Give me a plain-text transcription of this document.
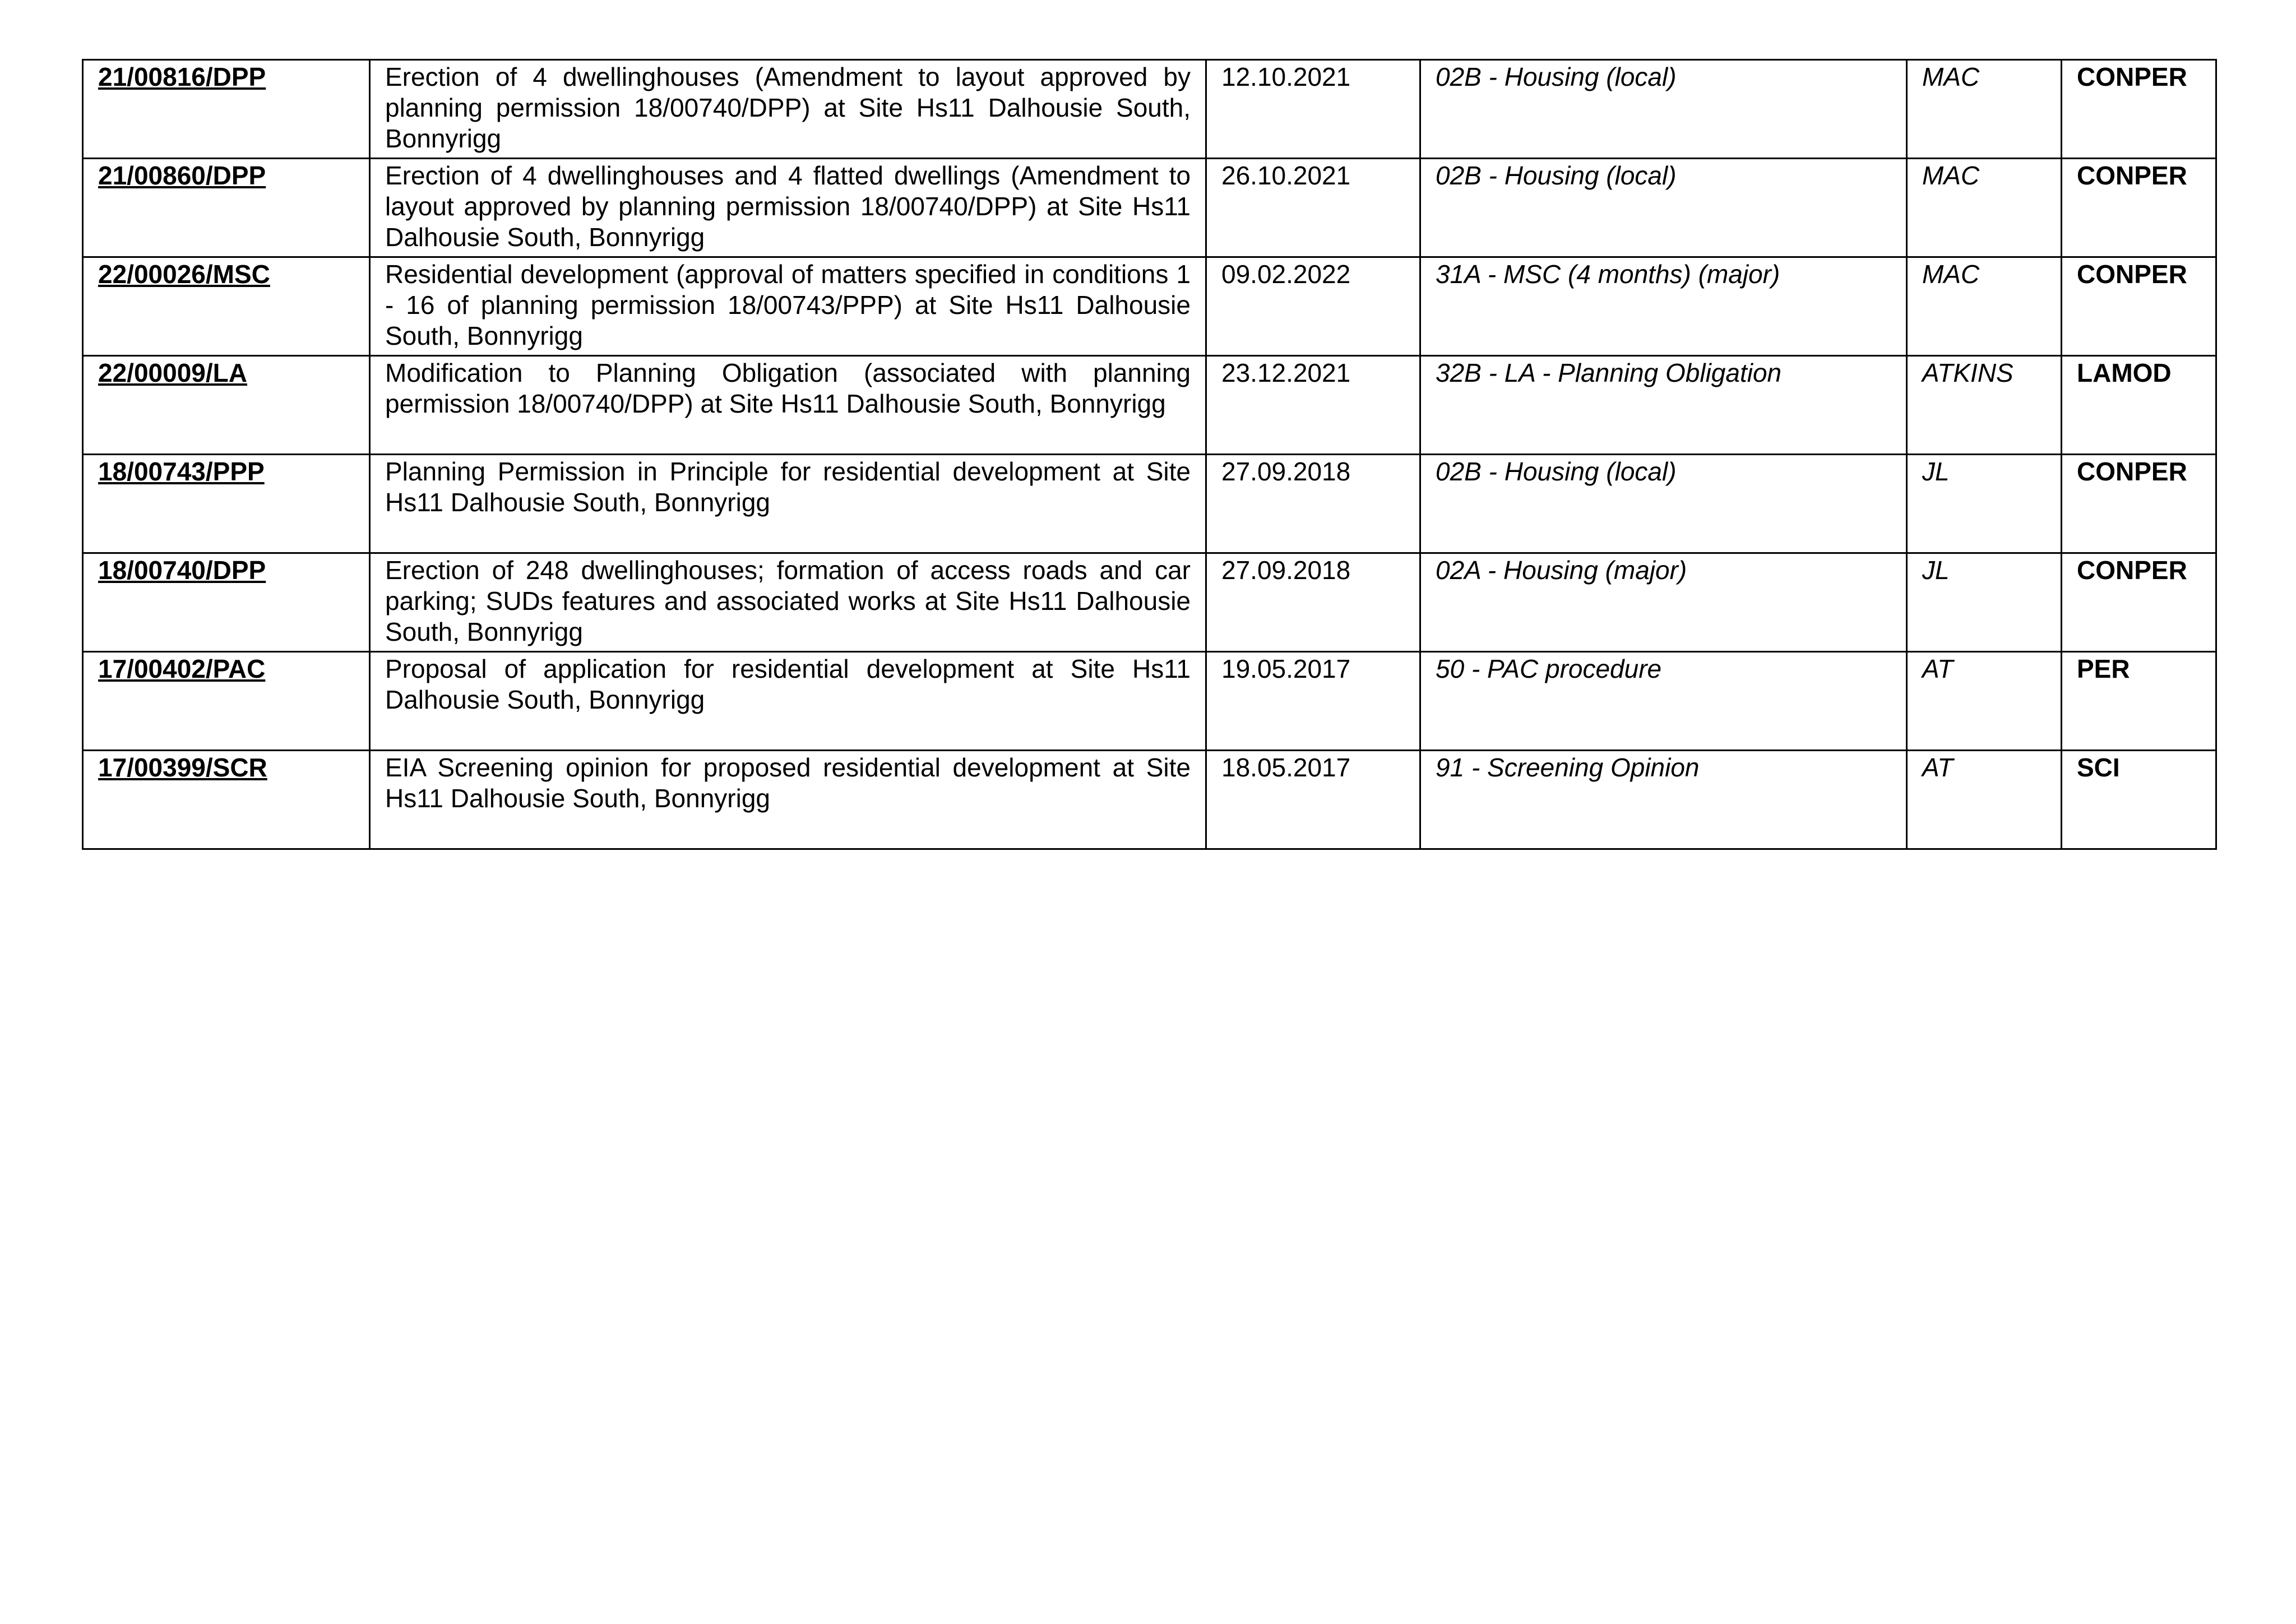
21/00816/DPP	Erection of 4 dwellinghouses (Amendment to layout approved by planning permission 18/00740/DPP) at Site Hs11 Dalhousie South, Bonnyrigg	12.10.2021	02B - Housing (local)	MAC	CONPER
21/00860/DPP	Erection of 4 dwellinghouses and 4 flatted dwellings (Amendment to layout approved by planning permission 18/00740/DPP) at Site Hs11 Dalhousie South, Bonnyrigg	26.10.2021	02B - Housing (local)	MAC	CONPER
22/00026/MSC	Residential development (approval of matters specified in conditions 1 - 16 of planning permission 18/00743/PPP) at Site Hs11 Dalhousie South, Bonnyrigg	09.02.2022	31A - MSC (4 months) (major)	MAC	CONPER
22/00009/LA	Modification to Planning Obligation (associated with planning permission 18/00740/DPP) at Site Hs11 Dalhousie South, Bonnyrigg	23.12.2021	32B - LA - Planning Obligation	ATKINS	LAMOD
18/00743/PPP	Planning Permission in Principle for residential development at Site Hs11 Dalhousie South, Bonnyrigg	27.09.2018	02B - Housing (local)	JL	CONPER
18/00740/DPP	Erection of 248 dwellinghouses; formation of access roads and car parking; SUDs features and associated works at Site Hs11 Dalhousie South, Bonnyrigg	27.09.2018	02A - Housing (major)	JL	CONPER
17/00402/PAC	Proposal of application for residential development at Site Hs11 Dalhousie South, Bonnyrigg	19.05.2017	50 - PAC procedure	AT	PER
17/00399/SCR	EIA Screening opinion for proposed residential development at Site Hs11 Dalhousie South, Bonnyrigg	18.05.2017	91 - Screening Opinion	AT	SCI
